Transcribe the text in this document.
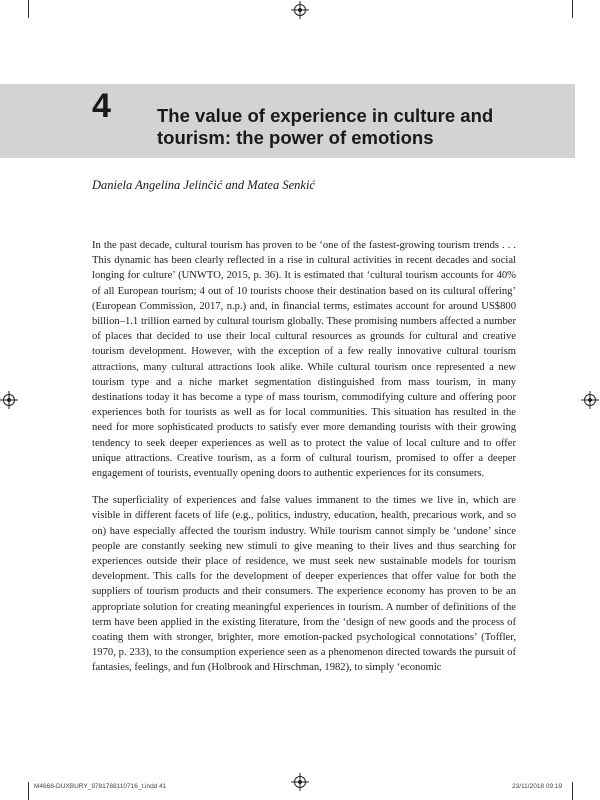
4 The value of experience in culture and tourism: the power of emotions
Daniela Angelina Jelinčić and Matea Senkić

In the past decade, cultural tourism has proven to be ‘one of the fastest-growing tourism trends . . . This dynamic has been clearly reflected in a rise in cultural activities in recent decades and social longing for culture’ (UNWTO, 2015, p. 36). It is estimated that ‘cultural tourism accounts for 40% of all European tourism; 4 out of 10 tourists choose their destination based on its cultural offering’ (European Commission, 2017, n.p.) and, in financial terms, estimates account for around US$800 billion–1.1 trillion earned by cultural tourism globally. These promising numbers affected a number of places that decided to use their local cultural resources as grounds for cultural and creative tourism development. However, with the exception of a few really innovative cultural tourism attractions, many cultural attractions look alike. While cultural tourism once represented a new tourism type and a niche market segmentation distinguished from mass tourism, in many destinations today it has become a type of mass tourism, commodifying culture and offering poor experiences both for tourists as well as for local communities. This situation has resulted in the need for more sophisticated products to satisfy ever more demanding tourists with their growing tendency to seek deeper experiences as well as to protect the value of local culture and to offer unique attractions. Creative tourism, as a form of cultural tourism, promised to offer a deeper engagement of tourists, eventually opening doors to authentic experiences for its consumers.

The superficiality of experiences and false values immanent to the times we live in, which are visible in different facets of life (e.g., politics, industry, education, health, precarious work, and so on) have especially affected the tourism industry. While tourism cannot simply be ‘undone’ since people are constantly seeking new stimuli to give meaning to their lives and thus searching for experiences outside their place of residence, we must seek new sustainable models for tourism development. This calls for the development of deeper experiences that offer value for both the suppliers of tourism products and their consumers. The experience economy has proven to be an appropriate solution for creating meaningful experiences in tourism. A number of definitions of the term have been applied in the existing literature, from the ‘design of new goods and the process of coating them with stronger, brighter, more emotion-packed psychological connotations’ (Toffler, 1970, p. 233), to the consumption experience seen as a phenomenon directed towards the pursuit of fantasies, feelings, and fun (Holbrook and Hirschman, 1982), to simply ‘economic

M4668-DUXBURY_9781788110716_t.indd 41	23/11/2018 09:19
